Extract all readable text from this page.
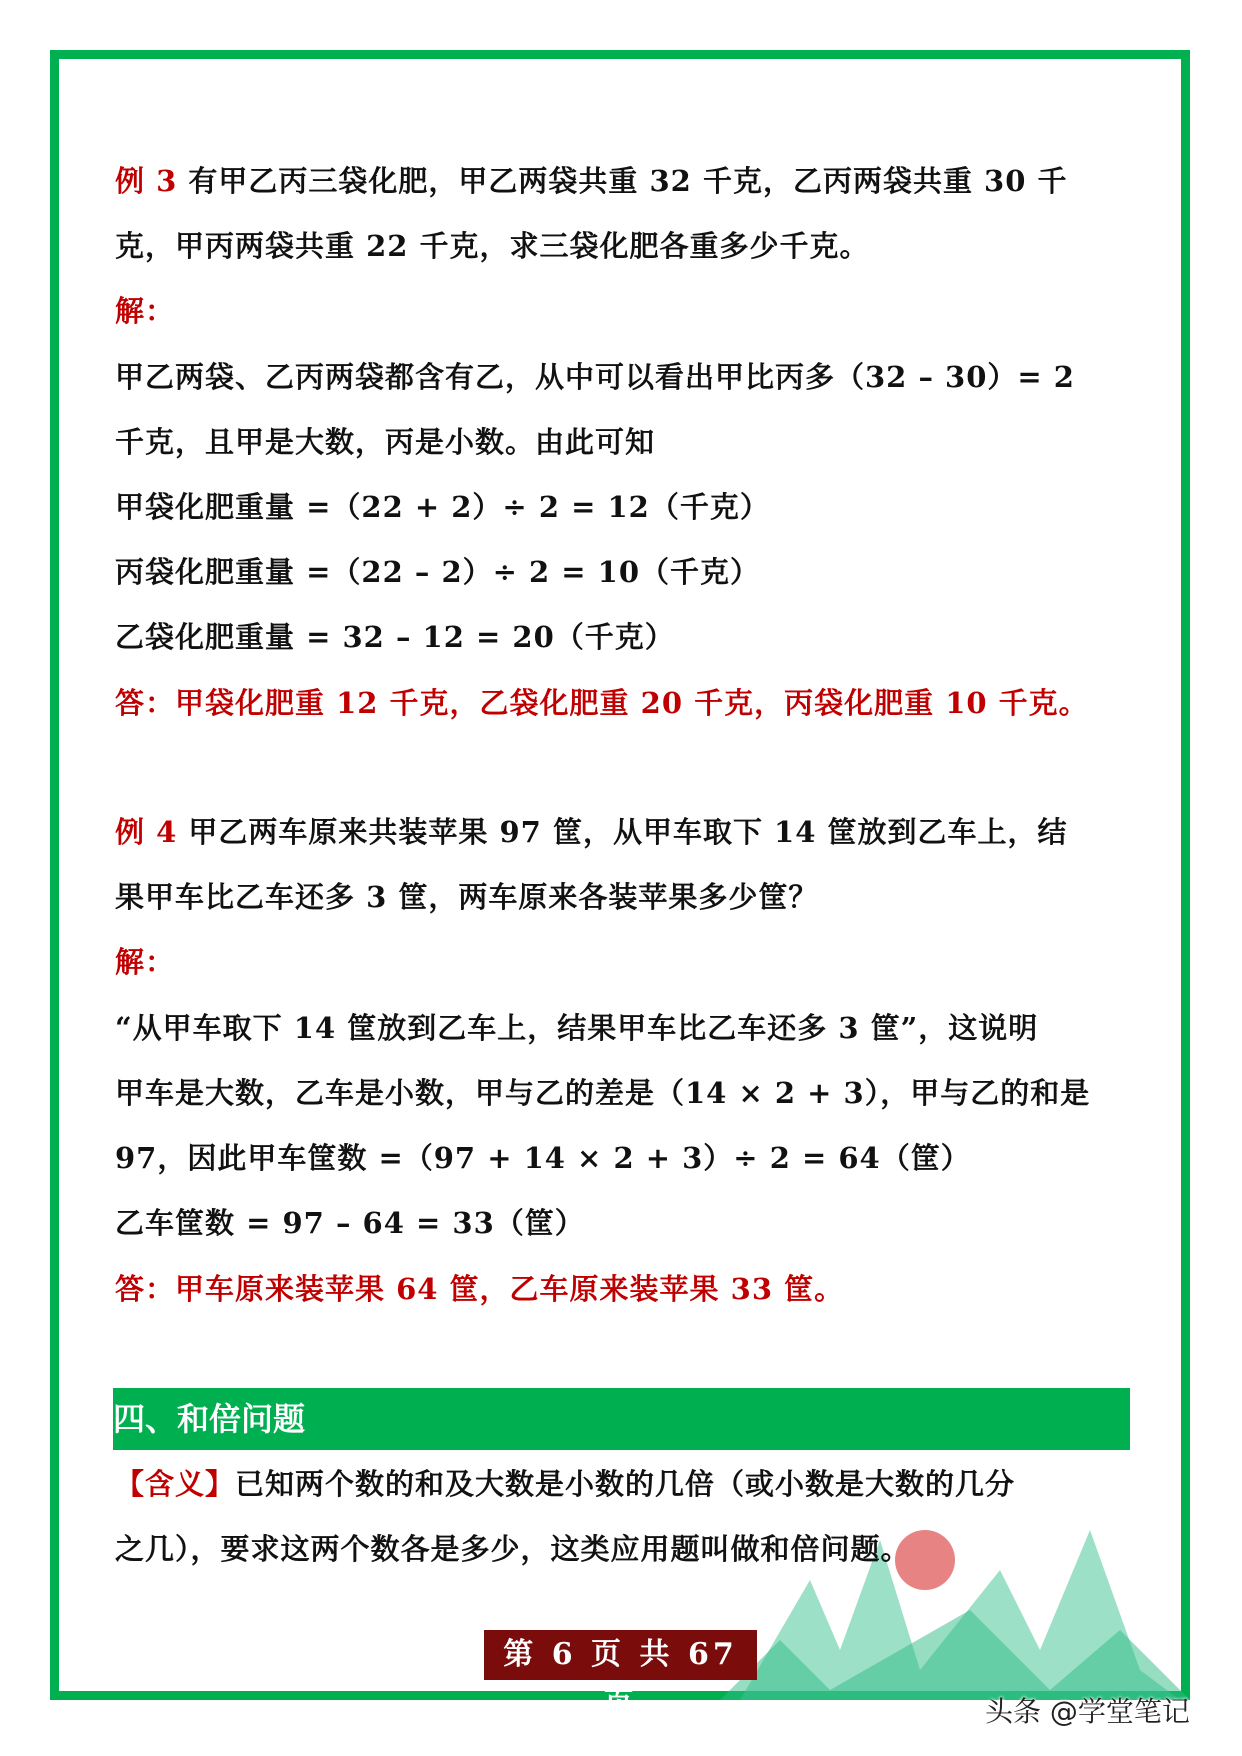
例 3 有甲乙丙三袋化肥，甲乙两袋共重 32 千克，乙丙两袋共重 30 千
克，甲丙两袋共重 22 千克，求三袋化肥各重多少千克。
解：
甲乙两袋、乙丙两袋都含有乙，从中可以看出甲比丙多（32 – 30）= 2
千克，且甲是大数，丙是小数。由此可知
甲袋化肥重量 =（22 + 2）÷ 2 = 12（千克）
丙袋化肥重量 =（22 – 2）÷ 2 = 10（千克）
乙袋化肥重量 = 32 – 12 = 20（千克）
答：甲袋化肥重 12 千克，乙袋化肥重 20 千克，丙袋化肥重 10 千克。
例 4 甲乙两车原来共装苹果 97 筐，从甲车取下 14 筐放到乙车上，结
果甲车比乙车还多 3 筐，两车原来各装苹果多少筐？
解：
“从甲车取下 14 筐放到乙车上，结果甲车比乙车还多 3 筐”，这说明
甲车是大数，乙车是小数，甲与乙的差是（14 × 2 + 3），甲与乙的和是
97，因此甲车筐数 =（97 + 14 × 2 + 3）÷ 2 = 64（筐）
乙车筐数 = 97 – 64 = 33（筐）
答：甲车原来装苹果 64 筐，乙车原来装苹果 33 筐。
四、和倍问题
【含义】已知两个数的和及大数是小数的几倍（或小数是大数的几分
之几），要求这两个数各是多少，这类应用题叫做和倍问题。
第 6 页 共 67 页	头条 @学堂笔记
